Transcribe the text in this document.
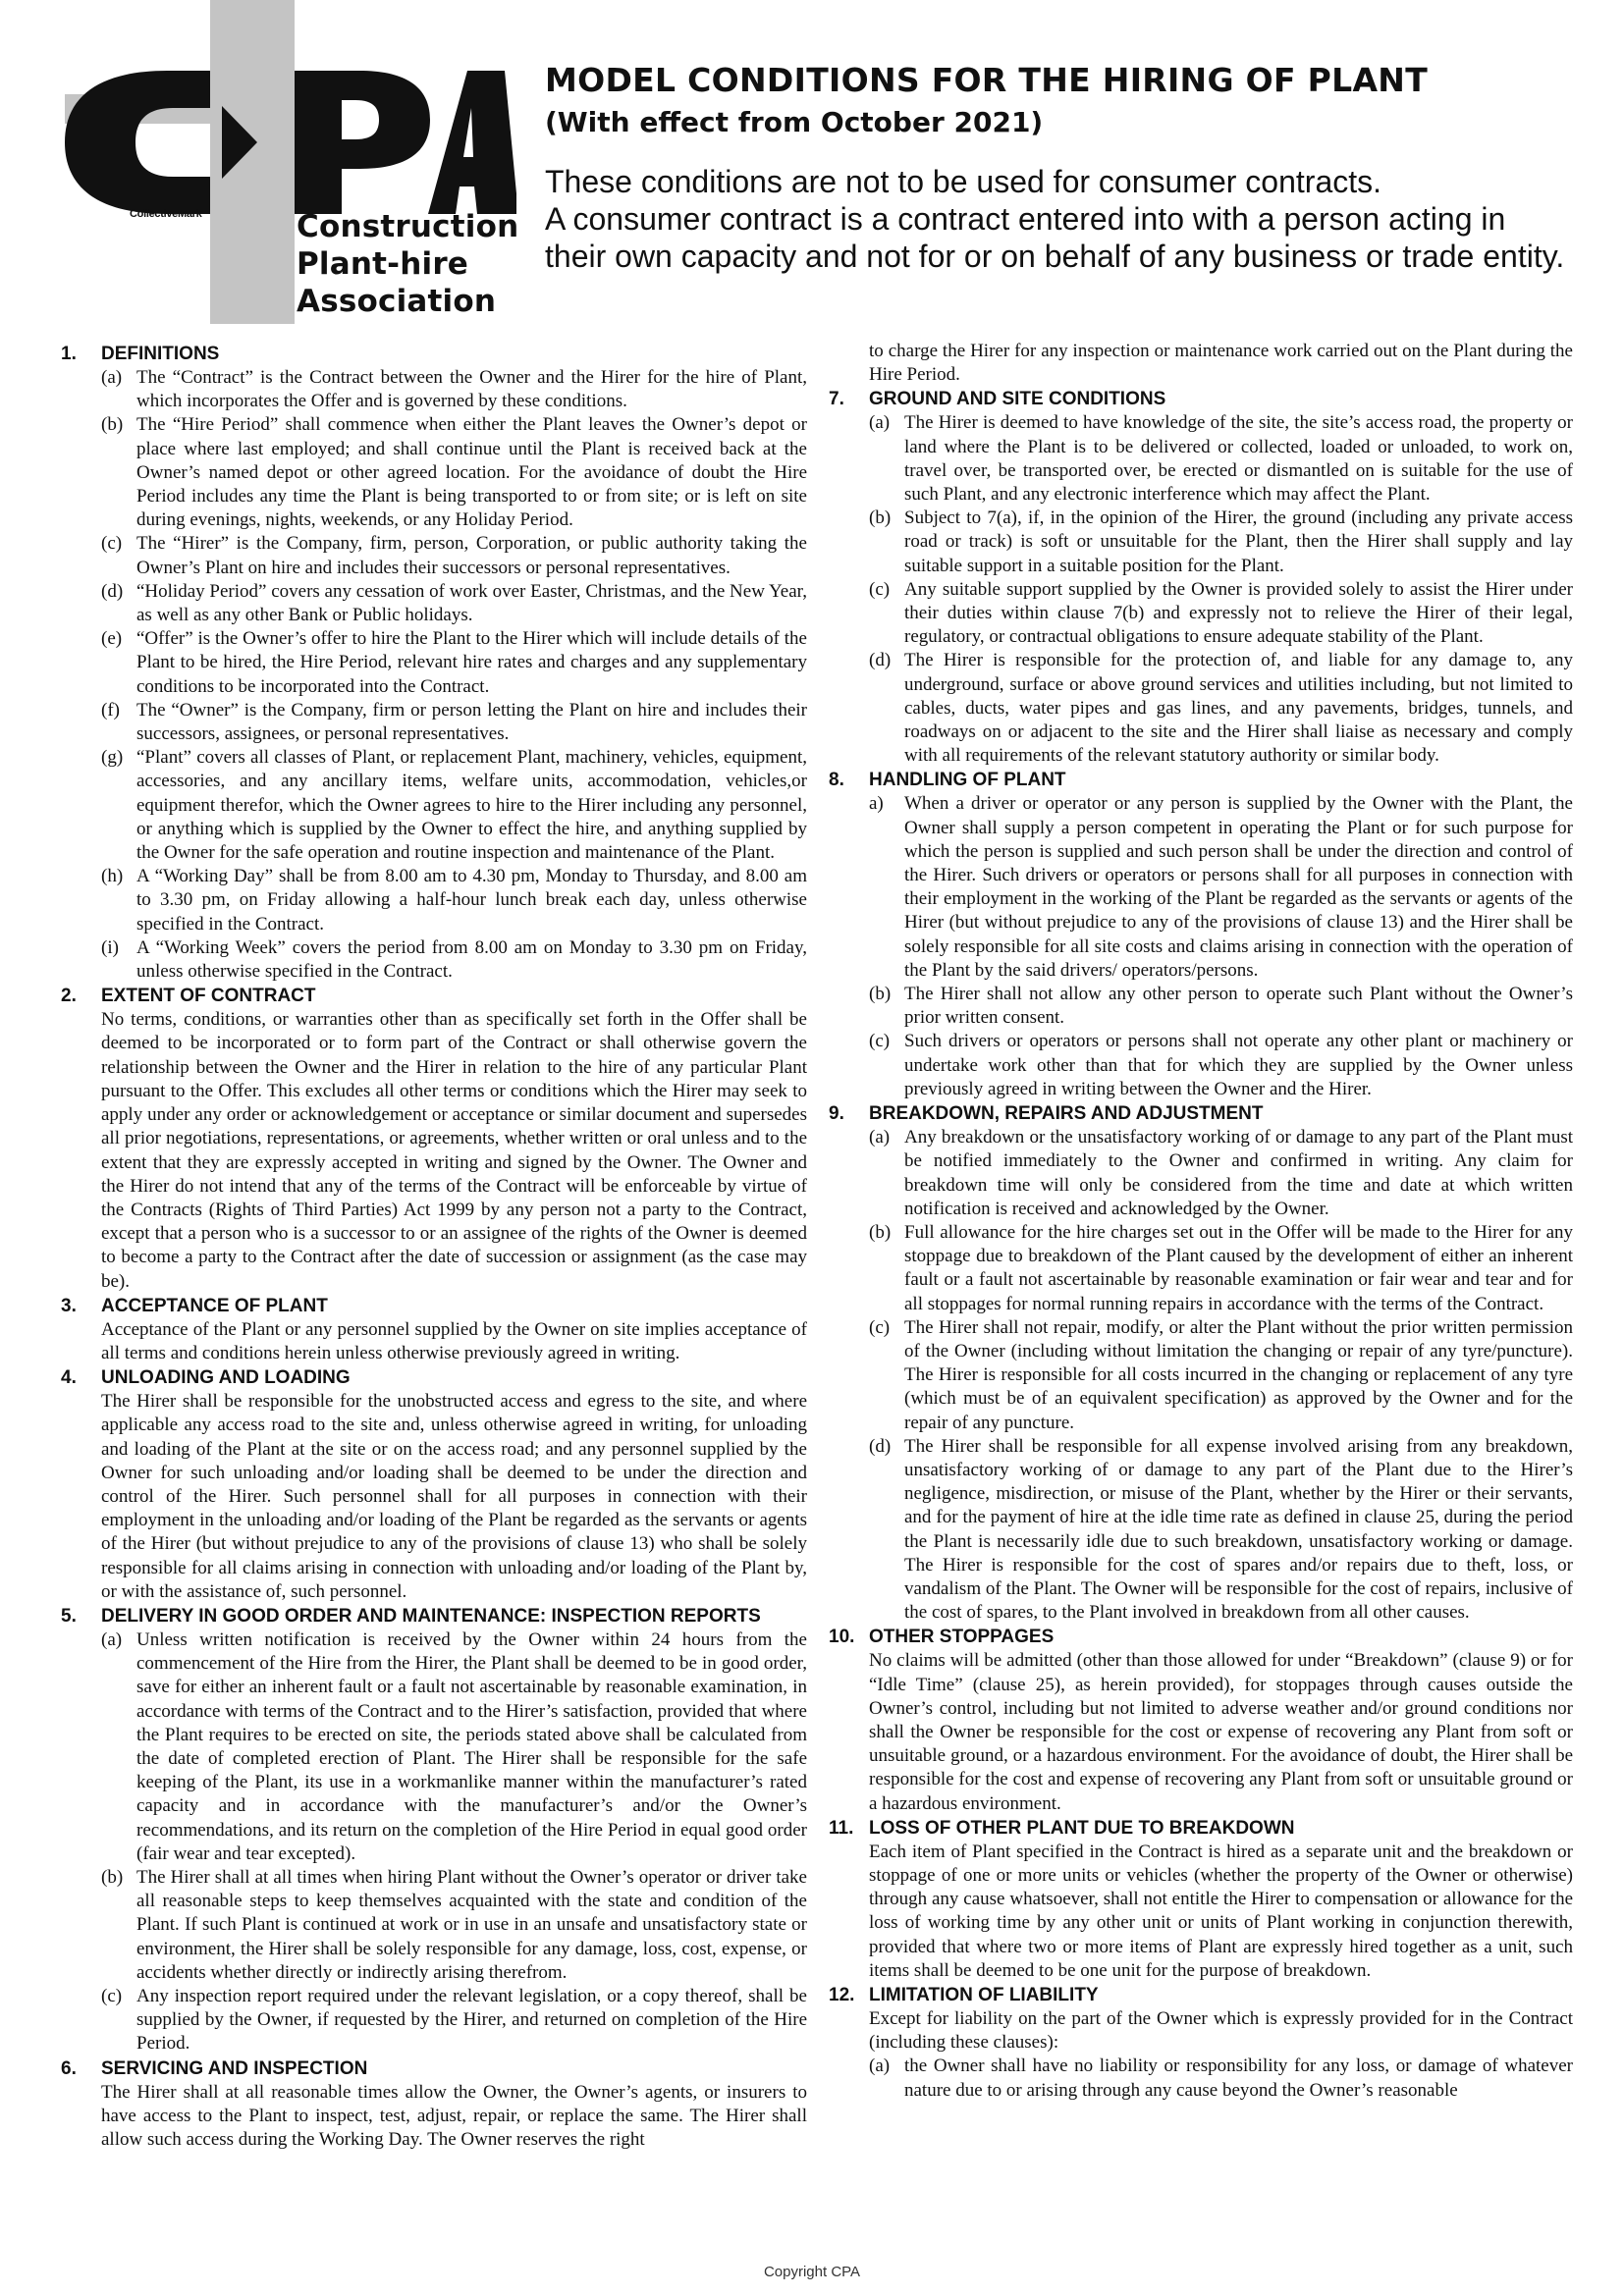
CollectiveMark	Construction
Plant-hire
Association
MODEL CONDITIONS FOR THE HIRING OF PLANT
(With effect from October 2021)
These conditions are not to be used for consumer contracts.
A consumer contract is a contract entered into with a person acting in
their own capacity and not for or on behalf of any business or trade entity.
1.	DEFINITIONS
(a) The “Contract” is the Contract between the Owner and the Hirer for the hire of Plant, which incorporates the Offer and is governed by these conditions.
(b) The “Hire Period” shall commence when either the Plant leaves the Owner’s depot or place where last employed; and shall continue until the Plant is received back at the Owner’s named depot or other agreed location. For the avoidance of doubt the Hire Period includes any time the Plant is being transported to or from site; or is left on site during evenings, nights, weekends, or any Holiday Period.
(c) The “Hirer” is the Company, firm, person, Corporation, or public authority taking the Owner’s Plant on hire and includes their successors or personal representatives.
(d) “Holiday Period” covers any cessation of work over Easter, Christmas, and the New Year, as well as any other Bank or Public holidays.
(e) “Offer” is the Owner’s offer to hire the Plant to the Hirer which will include details of the Plant to be hired, the Hire Period, relevant hire rates and charges and any supplementary conditions to be incorporated into the Contract.
(f) The “Owner” is the Company, firm or person letting the Plant on hire and includes their successors, assignees, or personal representatives.
(g) “Plant” covers all classes of Plant, or replacement Plant, machinery, vehicles, equipment, accessories, and any ancillary items, welfare units, accommodation, vehicles,or equipment therefor, which the Owner agrees to hire to the Hirer including any personnel, or anything which is supplied by the Owner to effect the hire, and anything supplied by the Owner for the safe operation and routine inspection and maintenance of the Plant.
(h) A “Working Day” shall be from 8.00 am to 4.30 pm, Monday to Thursday, and 8.00 am to 3.30 pm, on Friday allowing a half-hour lunch break each day, unless otherwise specified in the Contract.
(i) A “Working Week” covers the period from 8.00 am on Monday to 3.30 pm on Friday, unless otherwise specified in the Contract.
2.	EXTENT OF CONTRACT
No terms, conditions, or warranties other than as specifically set forth in the Offer shall be deemed to be incorporated or to form part of the Contract or shall otherwise govern the relationship between the Owner and the Hirer in relation to the hire of any particular Plant pursuant to the Offer. This excludes all other terms or conditions which the Hirer may seek to apply under any order or acknowledgement or acceptance or similar document and supersedes all prior negotiations, representations, or agreements, whether written or oral unless and to the extent that they are expressly accepted in writing and signed by the Owner. The Owner and the Hirer do not intend that any of the terms of the Contract will be enforceable by virtue of the Contracts (Rights of Third Parties) Act 1999 by any person not a party to the Contract, except that a person who is a successor to or an assignee of the rights of the Owner is deemed to become a party to the Contract after the date of succession or assignment (as the case may be).
3.	ACCEPTANCE OF PLANT
Acceptance of the Plant or any personnel supplied by the Owner on site implies acceptance of all terms and conditions herein unless otherwise previously agreed in writing.
4.	UNLOADING AND LOADING
The Hirer shall be responsible for the unobstructed access and egress to the site, and where applicable any access road to the site and, unless otherwise agreed in writing, for unloading and loading of the Plant at the site or on the access road; and any personnel supplied by the Owner for such unloading and/or loading shall be deemed to be under the direction and control of the Hirer. Such personnel shall for all purposes in connection with their employment in the unloading and/or loading of the Plant be regarded as the servants or agents of the Hirer (but without prejudice to any of the provisions of clause 13) who shall be solely responsible for all claims arising in connection with unloading and/or loading of the Plant by, or with the assistance of, such personnel.
5.	DELIVERY IN GOOD ORDER AND MAINTENANCE: INSPECTION REPORTS
(a) Unless written notification is received by the Owner within 24 hours from the commencement of the Hire from the Hirer, the Plant shall be deemed to be in good order, save for either an inherent fault or a fault not ascertainable by reasonable examination, in accordance with terms of the Contract and to the Hirer’s satisfaction, provided that where the Plant requires to be erected on site, the periods stated above shall be calculated from the date of completed erection of Plant. The Hirer shall be responsible for the safe keeping of the Plant, its use in a workmanlike manner within the manufacturer’s rated capacity and in accordance with the manufacturer’s and/or the Owner’s recommendations, and its return on the completion of the Hire Period in equal good order (fair wear and tear excepted).
(b) The Hirer shall at all times when hiring Plant without the Owner’s operator or driver take all reasonable steps to keep themselves acquainted with the state and condition of the Plant. If such Plant is continued at work or in use in an unsafe and unsatisfactory state or environment, the Hirer shall be solely responsible for any damage, loss, cost, expense, or accidents whether directly or indirectly arising therefrom.
(c) Any inspection report required under the relevant legislation, or a copy thereof, shall be supplied by the Owner, if requested by the Hirer, and returned on completion of the Hire Period.
6.	SERVICING AND INSPECTION
The Hirer shall at all reasonable times allow the Owner, the Owner’s agents, or insurers to have access to the Plant to inspect, test, adjust, repair, or replace the same. The Hirer shall allow such access during the Working Day. The Owner reserves the right
to charge the Hirer for any inspection or maintenance work carried out on the Plant during the Hire Period.
7.	GROUND AND SITE CONDITIONS
(a) The Hirer is deemed to have knowledge of the site, the site’s access road, the property or land where the Plant is to be delivered or collected, loaded or unloaded, to work on, travel over, be transported over, be erected or dismantled on is suitable for the use of such Plant, and any electronic interference which may affect the Plant.
(b) Subject to 7(a), if, in the opinion of the Hirer, the ground (including any private access road or track) is soft or unsuitable for the Plant, then the Hirer shall supply and lay suitable support in a suitable position for the Plant.
(c) Any suitable support supplied by the Owner is provided solely to assist the Hirer under their duties within clause 7(b) and expressly not to relieve the Hirer of their legal, regulatory, or contractual obligations to ensure adequate stability of the Plant.
(d) The Hirer is responsible for the protection of, and liable for any damage to, any underground, surface or above ground services and utilities including, but not limited to cables, ducts, water pipes and gas lines, and any pavements, bridges, tunnels, and roadways on or adjacent to the site and the Hirer shall liaise as necessary and comply with all requirements of the relevant statutory authority or similar body.
8.	HANDLING OF PLANT
a)	When a driver or operator or any person is supplied by the Owner with the Plant, the Owner shall supply a person competent in operating the Plant or for such purpose for which the person is supplied and such person shall be under the direction and control of the Hirer. Such drivers or operators or persons shall for all purposes in connection with their employment in the working of the Plant be regarded as the servants or agents of the Hirer (but without prejudice to any of the provisions of clause 13) and the Hirer shall be solely responsible for all site costs and claims arising in connection with the operation of the Plant by the said drivers/ operators/persons.
(b) The Hirer shall not allow any other person to operate such Plant without the Owner’s prior written consent.
(c) Such drivers or operators or persons shall not operate any other plant or machinery or undertake work other than that for which they are supplied by the Owner unless previously agreed in writing between the Owner and the Hirer.
9.	BREAKDOWN, REPAIRS AND ADJUSTMENT
(a) Any breakdown or the unsatisfactory working of or damage to any part of the Plant must be notified immediately to the Owner and confirmed in writing. Any claim for breakdown time will only be considered from the time and date at which written notification is received and acknowledged by the Owner.
(b) Full allowance for the hire charges set out in the Offer will be made to the Hirer for any stoppage due to breakdown of the Plant caused by the development of either an inherent fault or a fault not ascertainable by reasonable examination or fair wear and tear and for all stoppages for normal running repairs in accordance with the terms of the Contract.
(c) The Hirer shall not repair, modify, or alter the Plant without the prior written permission of the Owner (including without limitation the changing or repair of any tyre/puncture). The Hirer is responsible for all costs incurred in the changing or replacement of any tyre (which must be of an equivalent specification) as approved by the Owner and for the repair of any puncture.
(d) The Hirer shall be responsible for all expense involved arising from any breakdown, unsatisfactory working of or damage to any part of the Plant due to the Hirer’s negligence, misdirection, or misuse of the Plant, whether by the Hirer or their servants, and for the payment of hire at the idle time rate as defined in clause 25, during the period the Plant is necessarily idle due to such breakdown, unsatisfactory working or damage. The Hirer is responsible for the cost of spares and/or repairs due to theft, loss, or vandalism of the Plant. The Owner will be responsible for the cost of repairs, inclusive of the cost of spares, to the Plant involved in breakdown from all other causes.
10. OTHER STOPPAGES
No claims will be admitted (other than those allowed for under “Breakdown” (clause 9) or for “Idle Time” (clause 25), as herein provided), for stoppages through causes outside the Owner’s control, including but not limited to adverse weather and/or ground conditions nor shall the Owner be responsible for the cost or expense of recovering any Plant from soft or unsuitable ground, or a hazardous environment. For the avoidance of doubt, the Hirer shall be responsible for the cost and expense of recovering any Plant from soft or unsuitable ground or a hazardous environment.
11. LOSS OF OTHER PLANT DUE TO BREAKDOWN
Each item of Plant specified in the Contract is hired as a separate unit and the breakdown or stoppage of one or more units or vehicles (whether the property of the Owner or otherwise) through any cause whatsoever, shall not entitle the Hirer to compensation or allowance for the loss of working time by any other unit or units of Plant working in conjunction therewith, provided that where two or more items of Plant are expressly hired together as a unit, such items shall be deemed to be one unit for the purpose of breakdown.
12. LIMITATION OF LIABILITY
Except for liability on the part of the Owner which is expressly provided for in the Contract (including these clauses):
(a) the Owner shall have no liability or responsibility for any loss, or damage of whatever nature due to or arising through any cause beyond the Owner’s reasonable
Copyright CPA
